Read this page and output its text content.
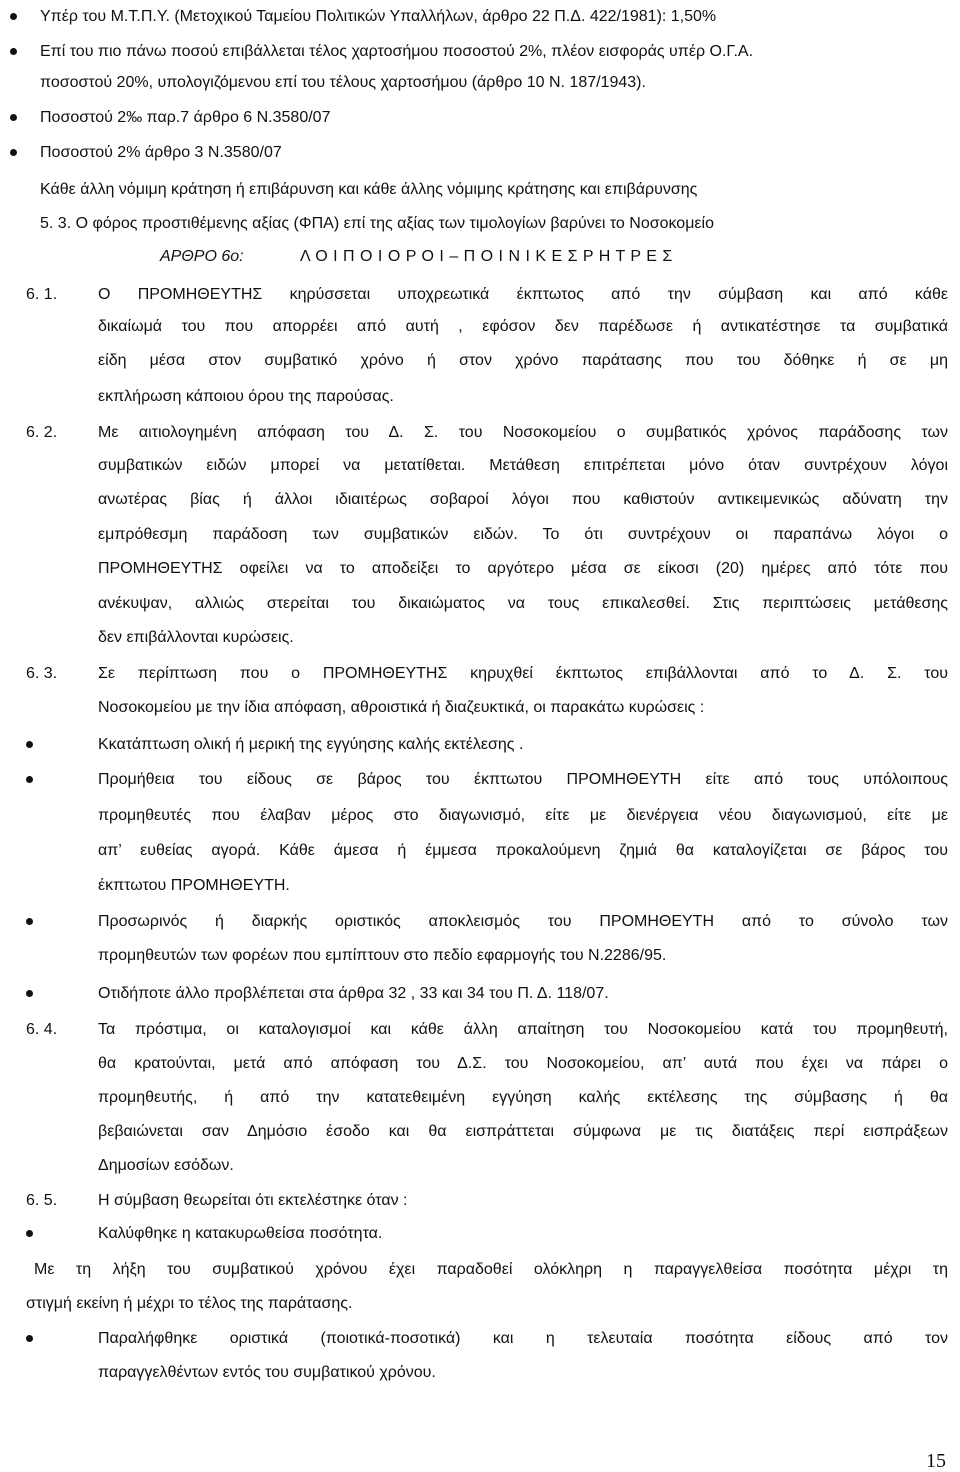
Υπέρ του Μ.Τ.Π.Υ. (Μετοχικού Ταμείου Πολιτικών Υπαλλήλων, άρθρο 22 Π.Δ. 422/1981): 1,50%
Επί του πιο πάνω ποσού επιβάλλεται τέλος χαρτοσήμου ποσοστού 2%, πλέον εισφοράς υπέρ Ο.Γ.Α.
ποσοστού 20%, υπολογιζόμενου επί του τέλους χαρτοσήμου (άρθρο 10 Ν. 187/1943).
Ποσοστού 2‰ παρ.7 άρθρο 6 Ν.3580/07
Ποσοστού 2% άρθρο 3 Ν.3580/07
Κάθε άλλη νόμιμη κράτηση ή επιβάρυνση και κάθε άλλης νόμιμης κράτησης και επιβάρυνσης
5. 3. Ο φόρος προστιθέμενης αξίας (ΦΠΑ) επί της αξίας των τιμολογίων βαρύνει το Νοσοκομείο
ΑΡΘΡΟ 6ο:	Λ Ο Ι Π Ο Ι Ο Ρ Ο Ι – Π Ο Ι Ν Ι Κ Ε Σ Ρ Η Τ Ρ Ε Σ
6. 1.	Ο ΠΡΟΜΗΘΕΥΤΗΣ κηρύσσεται υποχρεωτικά έκπτωτος από την σύμβαση και από κάθε
δικαίωμά του που απορρέει από αυτή , εφόσον δεν παρέδωσε ή αντικατέστησε τα συμβατικά
είδη μέσα στον συμβατικό χρόνο ή στον χρόνο παράτασης που του δόθηκε ή σε μη
εκπλήρωση κάποιου όρου της παρούσας.
6. 2.	Με αιτιολογημένη απόφαση του Δ. Σ. του Νοσοκομείου ο συμβατικός χρόνος παράδοσης των
συμβατικών ειδών μπορεί να μετατίθεται. Μετάθεση επιτρέπεται μόνο όταν συντρέχουν λόγοι
ανωτέρας βίας ή άλλοι ιδιαιτέρως σοβαροί λόγοι που καθιστούν αντικειμενικώς αδύνατη την
εμπρόθεσμη παράδοση των συμβατικών ειδών. Το ότι συντρέχουν οι παραπάνω λόγοι ο
ΠΡΟΜΗΘΕΥΤΗΣ οφείλει να το αποδείξει το αργότερο μέσα σε είκοσι (20) ημέρες από τότε που
ανέκυψαν, αλλιώς στερείται του δικαιώματος να τους επικαλεσθεί. Στις περιπτώσεις μετάθεσης
δεν επιβάλλονται κυρώσεις.
6. 3.	Σε περίπτωση που ο ΠΡΟΜΗΘΕΥΤΗΣ κηρυχθεί έκπτωτος επιβάλλονται από το Δ. Σ. του
Νοσοκομείου με την ίδια απόφαση, αθροιστικά ή διαζευκτικά, οι παρακάτω κυρώσεις :
Κκατάπτωση ολική ή μερική της εγγύησης καλής εκτέλεσης .
Προμήθεια του είδους σε βάρος του έκπτωτου ΠΡΟΜΗΘΕΥΤΗ είτε από τους υπόλοιπους
προμηθευτές που έλαβαν μέρος στο διαγωνισμό, είτε με διενέργεια νέου διαγωνισμού, είτε με
απ’ ευθείας αγορά. Κάθε άμεσα ή έμμεσα προκαλούμενη ζημιά θα καταλογίζεται σε βάρος του
έκπτωτου ΠΡΟΜΗΘΕΥΤΗ.
Προσωρινός ή διαρκής οριστικός αποκλεισμός του ΠΡΟΜΗΘΕΥΤΗ από το σύνολο των
προμηθευτών των φορέων που εμπίπτουν στο πεδίο εφαρμογής του Ν.2286/95.
Οτιδήποτε άλλο προβλέπεται στα άρθρα 32 , 33 και 34 του Π. Δ. 118/07.
6. 4.	Τα πρόστιμα, οι καταλογισμοί και κάθε άλλη απαίτηση του Νοσοκομείου κατά του προμηθευτή,
θα κρατούνται, μετά από απόφαση του Δ.Σ. του Νοσοκομείου, απ’ αυτά που έχει να πάρει ο
προμηθευτής, ή από την κατατεθειμένη εγγύηση καλής εκτέλεσης της σύμβασης ή θα
βεβαιώνεται σαν Δημόσιο έσοδο και θα εισπράττεται σύμφωνα με τις διατάξεις περί εισπράξεων
Δημοσίων εσόδων.
6. 5.	Η σύμβαση θεωρείται ότι εκτελέστηκε όταν :
Καλύφθηκε η κατακυρωθείσα ποσότητα.
Με τη λήξη του συμβατικού χρόνου έχει παραδοθεί ολόκληρη η παραγγελθείσα ποσότητα μέχρι τη
στιγμή εκείνη ή μέχρι το τέλος της παράτασης.
Παραλήφθηκε οριστικά (ποιοτικά-ποσοτικά) και η τελευταία ποσότητα είδους από τον
παραγγελθέντων εντός του συμβατικού χρόνου.
15
